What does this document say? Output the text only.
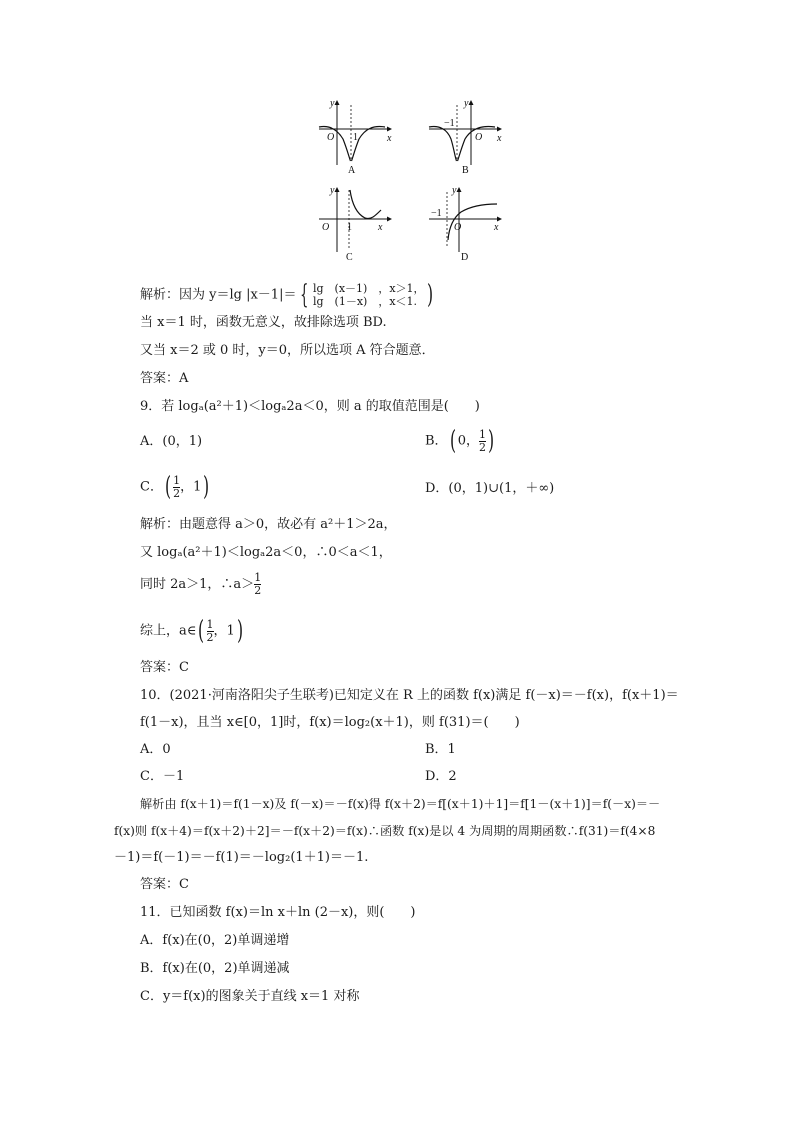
y
x
O 1
A
y
x
O
−1
B
y
x
O 1
C
y
x
O
−1
D
解析：因为 y＝lg |x－1|＝ { lg　(x－1)　，x＞1，
lg　(1－x)　，x＜1. )
当 x＝1 时，函数无意义，故排除选项 BD.
又当 x＝2 或 0 时，y＝0，所以选项 A 符合题意．
答案：A
9．若 logₐ(a²＋1)＜logₐ2a＜0，则 a 的取值范围是(　　)
A．(0，1)	B．( 0， $\frac{1}{2}$ )
C．( $\frac{1}{2}$ ，1)	D．(0，1)∪(1，＋∞)
解析：由题意得 a＞0，故必有 a²＋1＞2a，
又 logₐ(a²＋1)＜logₐ2a＜0，∴0＜a＜1，
同时 2a＞1，∴a＞ $\frac{1}{2}$
综上，a∈( $\frac{1}{2}$ ，1)
答案：C
10．(2021·河南洛阳尖子生联考)已知定义在 R 上的函数 f(x)满足 f(－x)＝－f(x)，f(x＋1)＝
f(1－x)，且当 x∈[0，1]时，f(x)＝log₂(x＋1)，则 f(31)＝(　　)
A．0	B．1
C．－1	D．2
解析由 f(x＋1)＝f(1－x)及 f(－x)＝－f(x)得 f(x＋2)＝f[(x＋1)＋1]＝f[1－(x＋1)]＝f(－x)＝－
f(x)则 f(x＋4)＝f(x＋2)＋2]＝－f(x＋2)＝f(x)∴函数 f(x)是以 4 为周期的周期函数∴f(31)＝f(4×8
－1)＝f(－1)＝－f(1)＝－log₂(1＋1)＝－1.
答案：C
11．已知函数 f(x)＝ln x＋ln (2－x)，则(　　)
A．f(x)在(0，2)单调递增
B．f(x)在(0，2)单调递减
C．y＝f(x)的图象关于直线 x＝1 对称
